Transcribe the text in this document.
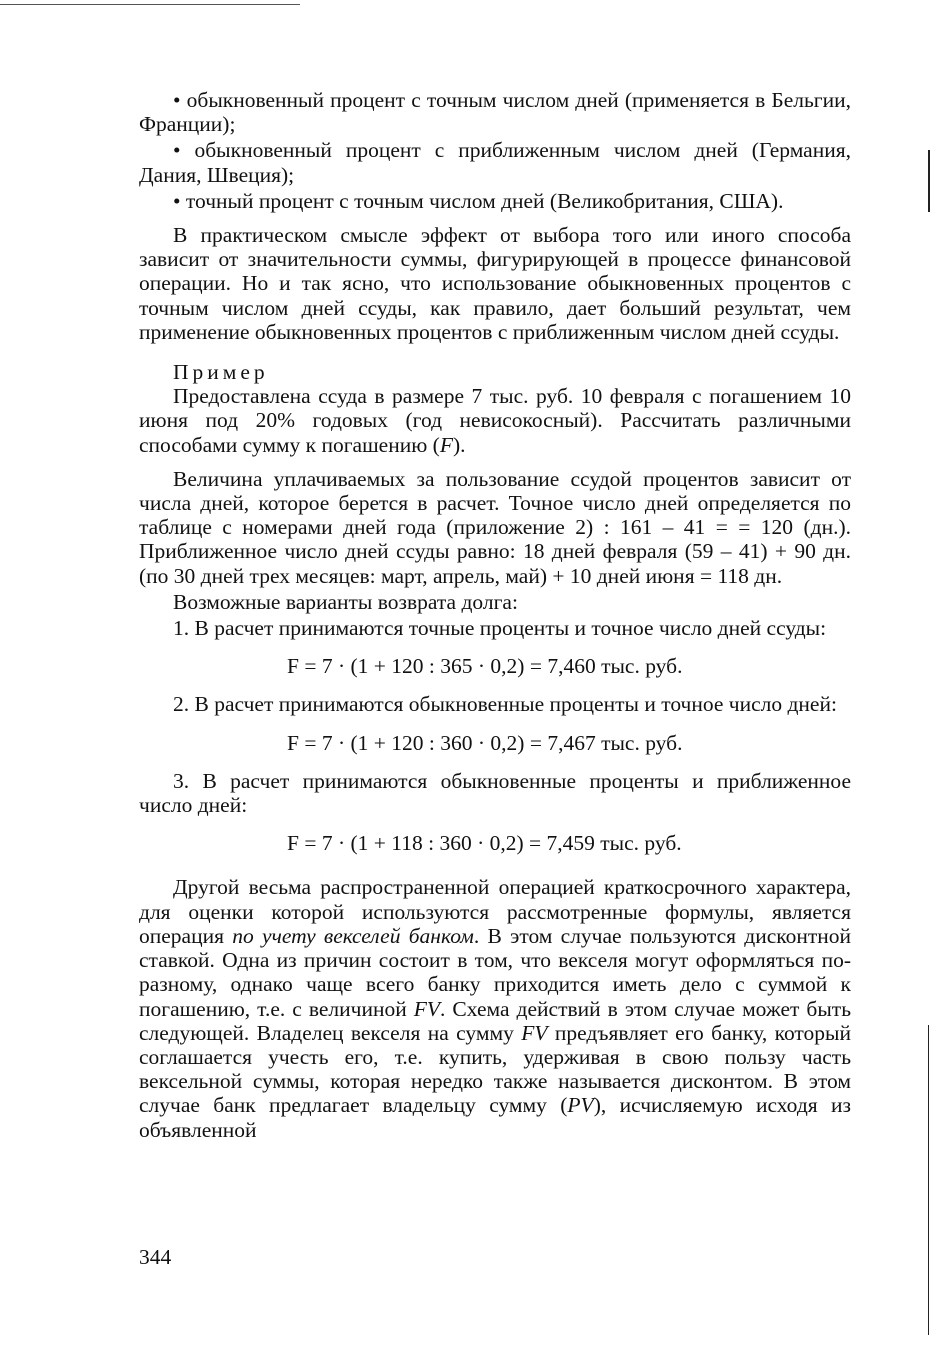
• обыкновенный процент с точным числом дней (применяется в Бельгии, Франции);

• обыкновенный процент с приближенным числом дней (Германия, Дания, Швеция);

• точный процент с точным числом дней (Великобритания, США).

В практическом смысле эффект от выбора того или иного способа зависит от значительности суммы, фигурирующей в процессе финансовой операции. Но и так ясно, что использование обыкновенных процентов с точным числом дней ссуды, как правило, дает больший результат, чем применение обыкновенных процентов с приближенным числом дней ссуды.

Пример

Предоставлена ссуда в размере 7 тыс. руб. 10 февраля с погашением 10 июня под 20% годовых (год невисокосный). Рассчитать различными способами сумму к погашению (F).

Величина уплачиваемых за пользование ссудой процентов зависит от числа дней, которое берется в расчет. Точное число дней определяется по таблице с номерами дней года (приложение 2) : 161 – 41 = = 120 (дн.). Приближенное число дней ссуды равно: 18 дней февраля (59 – 41) + 90 дн. (по 30 дней трех месяцев: март, апрель, май) + 10 дней июня = 118 дн.

Возможные варианты возврата долга:

1. В расчет принимаются точные проценты и точное число дней ссуды:

F = 7 · (1 + 120 : 365 · 0,2) = 7,460 тыс. руб.

2. В расчет принимаются обыкновенные проценты и точное число дней:

F = 7 · (1 + 120 : 360 · 0,2) = 7,467 тыс. руб.

3. В расчет принимаются обыкновенные проценты и приближенное число дней:

F = 7 · (1 + 118 : 360 · 0,2) = 7,459 тыс. руб.

Другой весьма распространенной операцией краткосрочного характера, для оценки которой используются рассмотренные формулы, является операция по учету векселей банком. В этом случае пользуются дисконтной ставкой. Одна из причин состоит в том, что векселя могут оформляться по-разному, однако чаще всего банку приходится иметь дело с суммой к погашению, т.е. с величиной FV. Схема действий в этом случае может быть следующей. Владелец векселя на сумму FV предъявляет его банку, который соглашается учесть его, т.е. купить, удерживая в свою пользу часть вексельной суммы, которая нередко также называется дисконтом. В этом случае банк предлагает владельцу сумму (PV), исчисляемую исходя из объявленной

344
